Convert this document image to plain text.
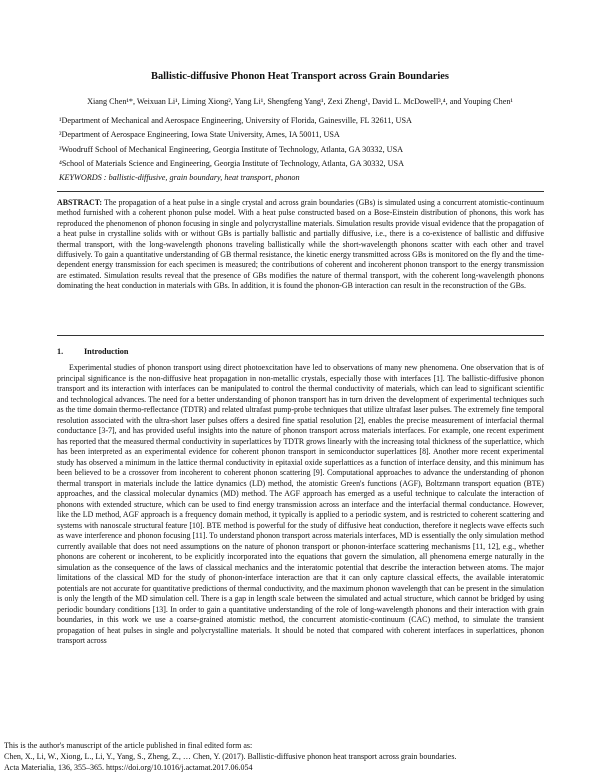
Ballistic-diffusive Phonon Heat Transport across Grain Boundaries
Xiang Chen¹*, Weixuan Li¹, Liming Xiong², Yang Li¹, Shengfeng Yang¹, Zexi Zheng¹, David L. McDowell³,⁴, and Youping Chen¹
¹Department of Mechanical and Aerospace Engineering, University of Florida, Gainesville, FL 32611, USA
²Department of Aerospace Engineering, Iowa State University, Ames, IA 50011, USA
³Woodruff School of Mechanical Engineering, Georgia Institute of Technology, Atlanta, GA 30332, USA
⁴School of Materials Science and Engineering, Georgia Institute of Technology, Atlanta, GA 30332, USA
KEYWORDS : ballistic-diffusive, grain boundary, heat transport, phonon
ABSTRACT: The propagation of a heat pulse in a single crystal and across grain boundaries (GBs) is simulated using a concurrent atomistic-continuum method furnished with a coherent phonon pulse model. With a heat pulse constructed based on a Bose-Einstein distribution of phonons, this work has reproduced the phenomenon of phonon focusing in single and polycrystalline materials. Simulation results provide visual evidence that the propagation of a heat pulse in crystalline solids with or without GBs is partially ballistic and partially diffusive, i.e., there is a co-existence of ballistic and diffusive thermal transport, with the long-wavelength phonons traveling ballistically while the short-wavelength phonons scatter with each other and travel diffusively. To gain a quantitative understanding of GB thermal resistance, the kinetic energy transmitted across GBs is monitored on the fly and the time-dependent energy transmission for each specimen is measured; the contributions of coherent and incoherent phonon transport to the energy transmission are estimated. Simulation results reveal that the presence of GBs modifies the nature of thermal transport, with the coherent long-wavelength phonons dominating the heat conduction in materials with GBs. In addition, it is found the phonon-GB interaction can result in the reconstruction of the GBs.
1.	Introduction
Experimental studies of phonon transport using direct photoexcitation have led to observations of many new phenomena. One observation that is of principal significance is the non-diffusive heat propagation in non-metallic crystals, especially those with interfaces [1]. The ballistic-diffusive phonon transport and its interaction with interfaces can be manipulated to control the thermal conductivity of materials, which can lead to significant scientific and technological advances. The need for a better understanding of phonon transport has in turn driven the development of experimental techniques such as the time domain thermo-reflectance (TDTR) and related ultrafast pump-probe techniques that utilize ultrafast laser pulses. The extremely fine temporal resolution associated with the ultra-short laser pulses offers a desired fine spatial resolution [2], enables the precise measurement of interfacial thermal conductance [3-7], and has provided useful insights into the nature of phonon transport across materials interfaces. For example, one recent experiment has reported that the measured thermal conductivity in superlattices by TDTR grows linearly with the increasing total thickness of the superlattice, which has been interpreted as an experimental evidence for coherent phonon transport in semiconductor superlattices [8]. Another more recent experimental study has observed a minimum in the lattice thermal conductivity in epitaxial oxide superlattices as a function of interface density, and this minimum has been believed to be a crossover from incoherent to coherent phonon scattering [9]. Computational approaches to advance the understanding of phonon thermal transport in materials include the lattice dynamics (LD) method, the atomistic Green's functions (AGF), Boltzmann transport equation (BTE) approaches, and the classical molecular dynamics (MD) method. The AGF approach has emerged as a useful technique to calculate the interaction of phonons with extended structure, which can be used to find energy transmission across an interface and the interfacial thermal conductance. However, like the LD method, AGF approach is a frequency domain method, it typically is applied to a periodic system, and is restricted to coherent scattering and systems with nanoscale structural feature [10]. BTE method is powerful for the study of diffusive heat conduction, therefore it neglects wave effects such as wave interference and phonon focusing [11]. To understand phonon transport across materials interfaces, MD is essentially the only simulation method currently available that does not need assumptions on the nature of phonon transport or phonon-interface scattering mechanisms [11, 12], e.g., whether phonons are coherent or incoherent, to be explicitly incorporated into the equations that govern the simulation, all phenomena emerge naturally in the simulation as the consequence of the laws of classical mechanics and the interatomic potential that describe the interaction between atoms. The major limitations of the classical MD for the study of phonon-interface interaction are that it can only capture classical effects, the available interatomic potentials are not accurate for quantitative predictions of thermal conductivity, and the maximum phonon wavelength that can be present in the simulation is only the length of the MD simulation cell. There is a gap in length scale between the simulated and actual structure, which cannot be bridged by using periodic boundary conditions [13]. In order to gain a quantitative understanding of the role of long-wavelength phonons and their interaction with grain boundaries, in this work we use a coarse-grained atomistic method, the concurrent atomistic-continuum (CAC) method, to simulate the transient propagation of heat pulses in single and polycrystalline materials. It should be noted that compared with coherent interfaces in superlattices, phonon transport across
This is the author's manuscript of the article published in final edited form as:
Chen, X., Li, W., Xiong, L., Li, Y., Yang, S., Zheng, Z., … Chen, Y. (2017). Ballistic-diffusive phonon heat transport across grain boundaries.
Acta Materialia, 136, 355–365. https://doi.org/10.1016/j.actamat.2017.06.054
